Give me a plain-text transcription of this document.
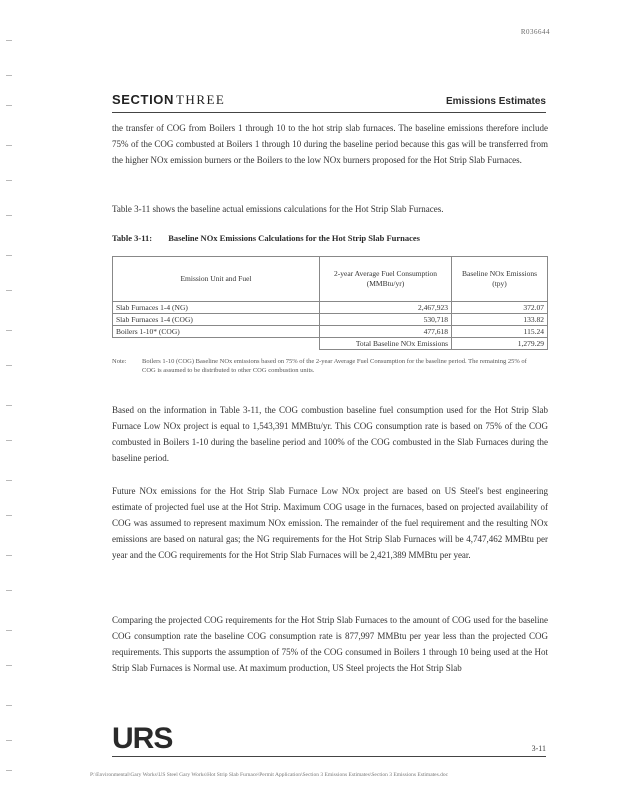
R036644
SECTION THREE	Emissions Estimates
the transfer of COG from Boilers 1 through 10 to the hot strip slab furnaces. The baseline emissions therefore include 75% of the COG combusted at Boilers 1 through 10 during the baseline period because this gas will be transferred from the higher NOx emission burners or the Boilers to the low NOx burners proposed for the Hot Strip Slab Furnaces.
Table 3-11 shows the baseline actual emissions calculations for the Hot Strip Slab Furnaces.
Table 3-11: Baseline NOx Emissions Calculations for the Hot Strip Slab Furnaces
Emission Unit and Fuel	2-year Average Fuel Consumption (MMBtu/yr)	Baseline NOx Emissions (tpy)
Slab Furnaces 1-4 (NG)	2,467,923	372.07
Slab Furnaces 1-4 (COG)	530,718	133.82
Boilers 1-10* (COG)	477,618	115.24
	Total Baseline NOx Emissions	1,279.29
Note: Boilers 1-10 (COG) Baseline NOx emissions based on 75% of the 2-year Average Fuel Consumption for the baseline period. The remaining 25% of COG is assumed to be distributed to other COG combustion units.
Based on the information in Table 3-11, the COG combustion baseline fuel consumption used for the Hot Strip Slab Furnace Low NOx project is equal to 1,543,391 MMBtu/yr. This COG consumption rate is based on 75% of the COG combusted in Boilers 1-10 during the baseline period and 100% of the COG combusted in the Slab Furnaces during the baseline period.
Future NOx emissions for the Hot Strip Slab Furnace Low NOx project are based on US Steel's best engineering estimate of projected fuel use at the Hot Strip. Maximum COG usage in the furnaces, based on projected availability of COG was assumed to represent maximum NOx emission. The remainder of the fuel requirement and the resulting NOx emissions are based on natural gas; the NG requirements for the Hot Strip Slab Furnaces will be 4,747,462 MMBtu per year and the COG requirements for the Hot Strip Slab Furnaces will be 2,421,389 MMBtu per year.
Comparing the projected COG requirements for the Hot Strip Slab Furnaces to the amount of COG used for the baseline COG consumption rate the baseline COG consumption rate is 877,997 MMBtu per year less than the projected COG requirements. This supports the assumption of 75% of the COG consumed in Boilers 1 through 10 being used at the Hot Strip Slab Furnaces is Normal use. At maximum production, US Steel projects the Hot Strip Slab
URS	3-11
P:\Environmental\Gary Works\US Steel Gary Works\Hot Strip Slab Furnace\Permit Application\Section 3 Emissions Estimates\Section 3 Emissions Estimates.doc
